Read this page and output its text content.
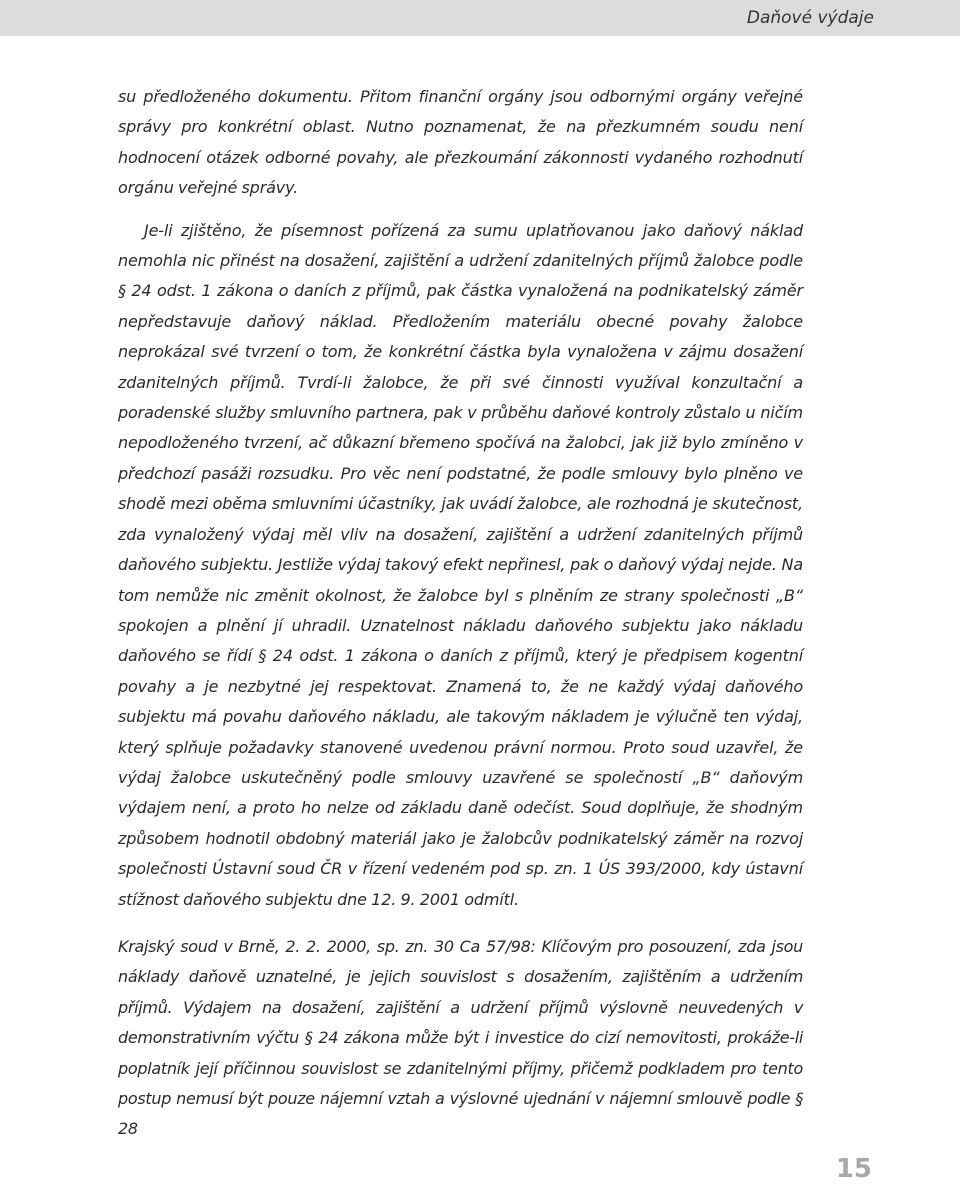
Daňové výdaje

su předloženého dokumentu. Přitom finanční orgány jsou odbornými orgány veřejné správy pro konkrétní oblast. Nutno poznamenat, že na přezkumném soudu není hodnocení otázek odborné povahy, ale přezkoumání zákonnosti vydaného rozhodnutí orgánu veřejné správy.

Je-li zjištěno, že písemnost pořízená za sumu uplatňovanou jako daňový náklad nemohla nic přinést na dosažení, zajištění a udržení zdanitelných příjmů žalobce podle § 24 odst. 1 zákona o daních z příjmů, pak částka vynaložená na podnikatelský záměr nepředstavuje daňový náklad. Předložením materiálu obecné povahy žalobce neprokázal své tvrzení o tom, že konkrétní částka byla vynaložena v zájmu dosažení zdanitelných příjmů. Tvrdí-li žalobce, že při své činnosti využíval konzultační a poradenské služby smluvního partnera, pak v průběhu daňové kontroly zůstalo u ničím nepodloženého tvrzení, ač důkazní břemeno spočívá na žalobci, jak již bylo zmíněno v předchozí pasáži rozsudku. Pro věc není podstatné, že podle smlouvy bylo plněno ve shodě mezi oběma smluvními účastníky, jak uvádí žalobce, ale rozhodná je skutečnost, zda vynaložený výdaj měl vliv na dosažení, zajištění a udržení zdanitelných příjmů daňového subjektu. Jestliže výdaj takový efekt nepřinesl, pak o daňový výdaj nejde. Na tom nemůže nic změnit okolnost, že žalobce byl s plněním ze strany společnosti „B“ spokojen a plnění jí uhradil. Uznatelnost nákladu daňového subjektu jako nákladu daňového se řídí § 24 odst. 1 zákona o daních z příjmů, který je předpisem kogentní povahy a je nezbytné jej respektovat. Znamená to, že ne každý výdaj daňového subjektu má povahu daňového nákladu, ale takovým nákladem je výlučně ten výdaj, který splňuje požadavky stanovené uvedenou právní normou. Proto soud uzavřel, že výdaj žalobce uskutečněný podle smlouvy uzavřené se společností „B“ daňovým výdajem není, a proto ho nelze od základu daně odečíst. Soud doplňuje, že shodným způsobem hodnotil obdobný materiál jako je žalobcův podnikatelský záměr na rozvoj společnosti Ústavní soud ČR v řízení vedeném pod sp. zn. 1 ÚS 393/2000, kdy ústavní stížnost daňového subjektu dne 12. 9. 2001 odmítl.

Krajský soud v Brně, 2. 2. 2000, sp. zn. 30 Ca 57/98: Klíčovým pro posouzení, zda jsou náklady daňově uznatelné, je jejich souvislost s dosažením, zajištěním a udržením příjmů. Výdajem na dosažení, zajištění a udržení příjmů výslovně neuvedených v demonstrativním výčtu § 24 zákona může být i investice do cizí nemovitosti, prokáže-li poplatník její příčinnou souvislost se zdanitelnými příjmy, přičemž podkladem pro tento postup nemusí být pouze nájemní vztah a výslovné ujednání v nájemní smlouvě podle § 28

15
